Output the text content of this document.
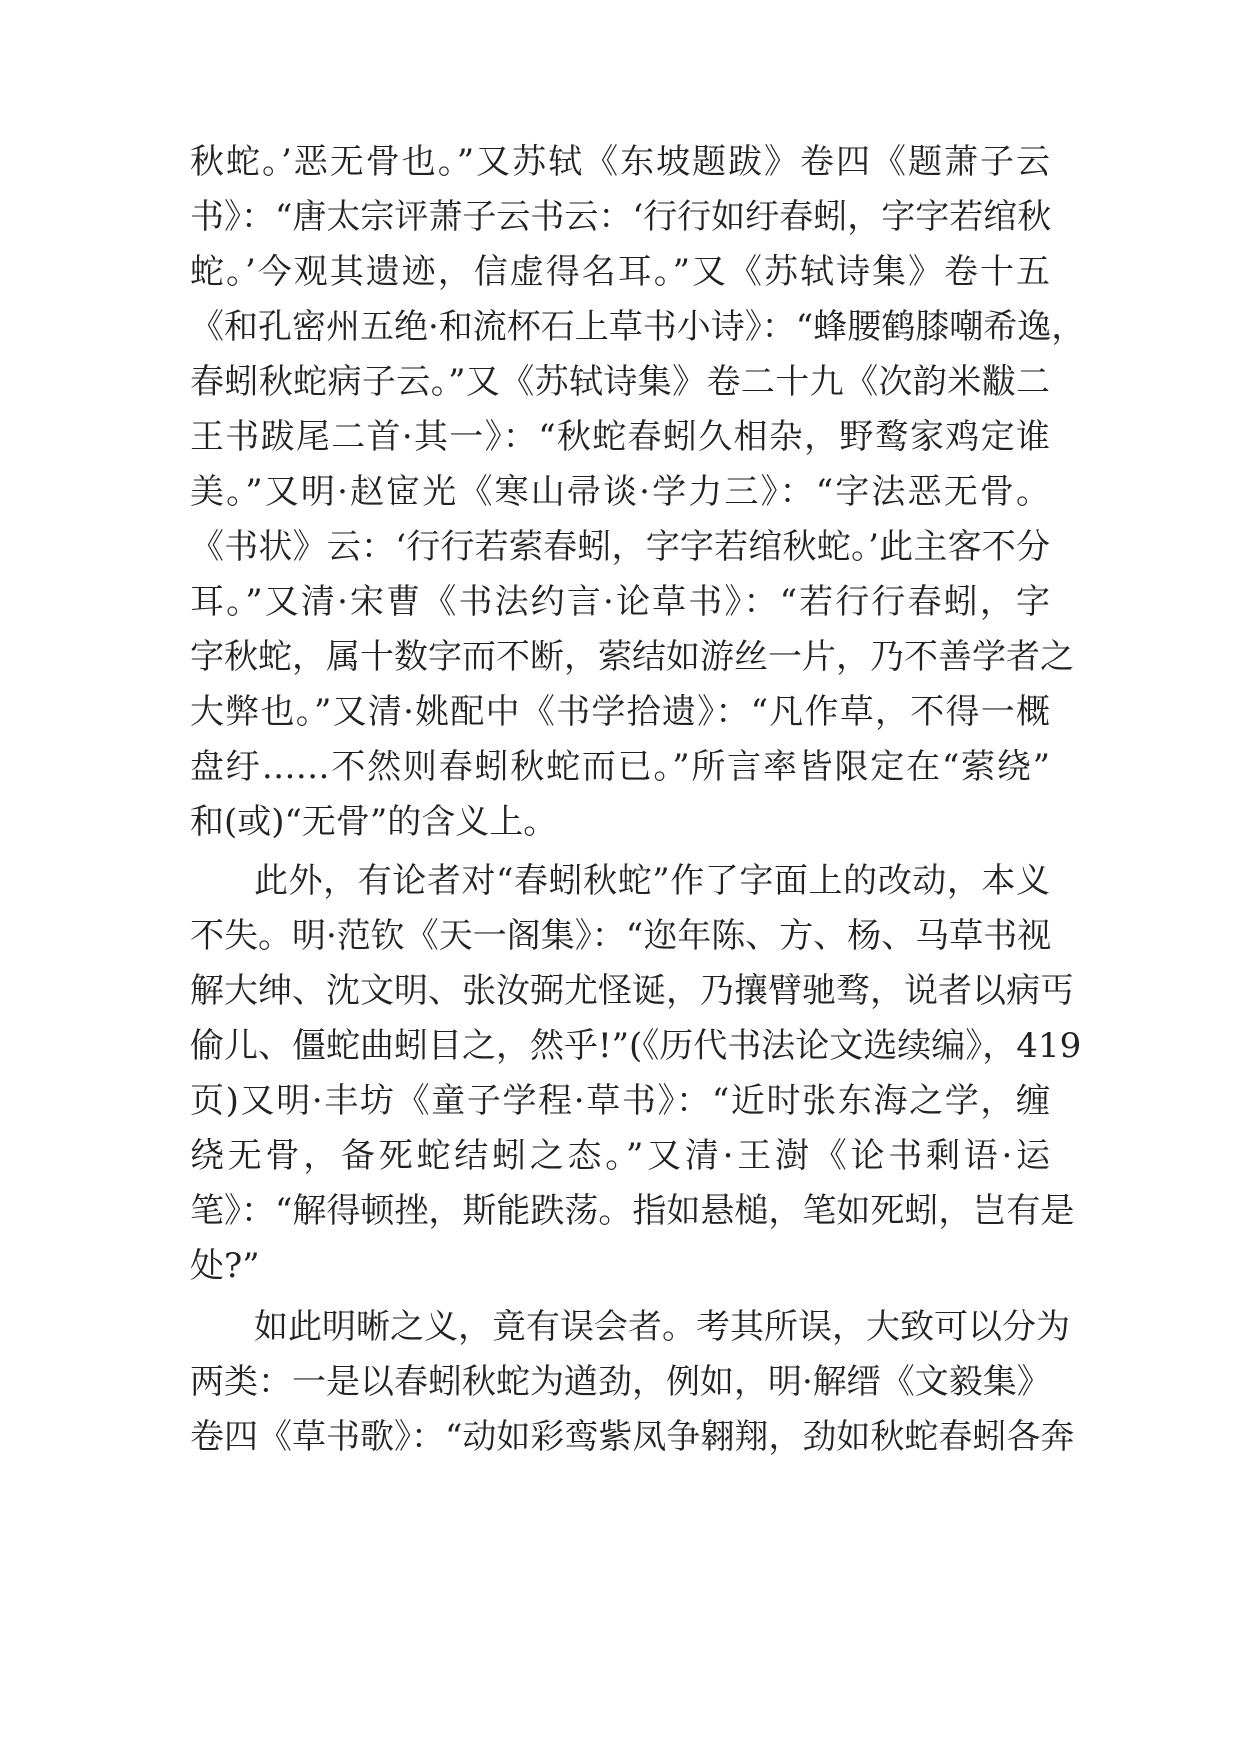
秋蛇。’恶无骨也。”又苏轼《东坡题跋》卷四《题萧子云
书》：“唐太宗评萧子云书云：‘行行如纡春蚓，字字若绾秋
蛇。’今观其遗迹，信虚得名耳。”又《苏轼诗集》卷十五
《和孔密州五绝·和流杯石上草书小诗》：“蜂腰鹤膝嘲希逸，
春蚓秋蛇病子云。”又《苏轼诗集》卷二十九《次韵米黻二
王书跋尾二首·其一》：“秋蛇春蚓久相杂，野鹜家鸡定谁
美。”又明·赵宧光《寒山帚谈·学力三》：“字法恶无骨。
《书状》云：‘行行若萦春蚓，字字若绾秋蛇。’此主客不分
耳。”又清·宋曹《书法约言·论草书》：“若行行春蚓，字
字秋蛇，属十数字而不断，萦结如游丝一片，乃不善学者之
大弊也。”又清·姚配中《书学拾遗》：“凡作草，不得一概
盘纡……不然则春蚓秋蛇而已。”所言率皆限定在“萦绕”
和(或)“无骨”的含义上。
此外，有论者对“春蚓秋蛇”作了字面上的改动，本义
不失。明·范钦《天一阁集》：“迩年陈、方、杨、马草书视
解大绅、沈文明、张汝弼尤怪诞，乃攘臂驰骛，说者以病丐
偷儿、僵蛇曲蚓目之，然乎!”(《历代书法论文选续编》，419
页)又明·丰坊《童子学程·草书》：“近时张东海之学，缠
绕无骨，备死蛇结蚓之态。”又清·王澍《论书剩语·运
笔》：“解得顿挫，斯能跌荡。指如悬槌，笔如死蚓，岂有是
处?”
如此明晰之义，竟有误会者。考其所误，大致可以分为
两类：一是以春蚓秋蛇为遒劲，例如，明·解缙《文毅集》
卷四《草书歌》：“动如彩鸾紫凤争翱翔，劲如秋蛇春蚓各奔
